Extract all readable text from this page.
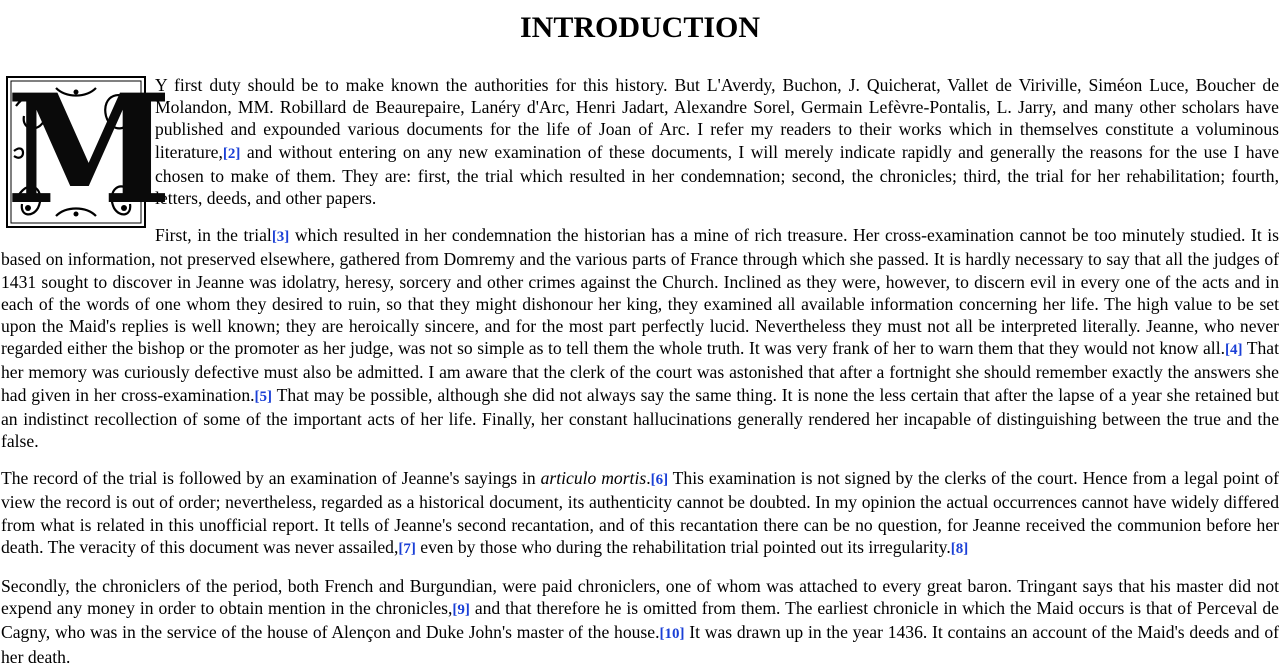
INTRODUCTION

M
Y first duty should be to make known the authorities for this history. But L'Averdy, Buchon, J. Quicherat, Vallet de Viriville, Siméon Luce, Boucher de Molandon, MM. Robillard de Beaurepaire, Lanéry d'Arc, Henri Jadart, Alexandre Sorel, Germain Lefèvre-Pontalis, L. Jarry, and many other scholars have published and expounded various documents for the life of Joan of Arc. I refer my readers to their works which in themselves constitute a voluminous literature,[2] and without entering on any new examination of these documents, I will merely indicate rapidly and generally the reasons for the use I have chosen to make of them. They are: first, the trial which resulted in her condemnation; second, the chronicles; third, the trial for her rehabilitation; fourth, letters, deeds, and other papers.

First, in the trial[3] which resulted in her condemnation the historian has a mine of rich treasure. Her cross-examination cannot be too minutely studied. It is based on information, not preserved elsewhere, gathered from Domremy and the various parts of France through which she passed. It is hardly necessary to say that all the judges of 1431 sought to discover in Jeanne was idolatry, heresy, sorcery and other crimes against the Church. Inclined as they were, however, to discern evil in every one of the acts and in each of the words of one whom they desired to ruin, so that they might dishonour her king, they examined all available information concerning her life. The high value to be set upon the Maid's replies is well known; they are heroically sincere, and for the most part perfectly lucid. Nevertheless they must not all be interpreted literally. Jeanne, who never regarded either the bishop or the promoter as her judge, was not so simple as to tell them the whole truth. It was very frank of her to warn them that they would not know all.[4] That her memory was curiously defective must also be admitted. I am aware that the clerk of the court was astonished that after a fortnight she should remember exactly the answers she had given in her cross-examination.[5] That may be possible, although she did not always say the same thing. It is none the less certain that after the lapse of a year she retained but an indistinct recollection of some of the important acts of her life. Finally, her constant hallucinations generally rendered her incapable of distinguishing between the true and the false.

The record of the trial is followed by an examination of Jeanne's sayings in articulo mortis.[6] This examination is not signed by the clerks of the court. Hence from a legal point of view the record is out of order; nevertheless, regarded as a historical document, its authenticity cannot be doubted. In my opinion the actual occurrences cannot have widely differed from what is related in this unofficial report. It tells of Jeanne's second recantation, and of this recantation there can be no question, for Jeanne received the communion before her death. The veracity of this document was never assailed,[7] even by those who during the rehabilitation trial pointed out its irregularity.[8]

Secondly, the chroniclers of the period, both French and Burgundian, were paid chroniclers, one of whom was attached to every great baron. Tringant says that his master did not expend any money in order to obtain mention in the chronicles,[9] and that therefore he is omitted from them. The earliest chronicle in which the Maid occurs is that of Perceval de Cagny, who was in the service of the house of Alençon and Duke John's master of the house.[10] It was drawn up in the year 1436. It contains an account of the Maid's deeds and of her death.
